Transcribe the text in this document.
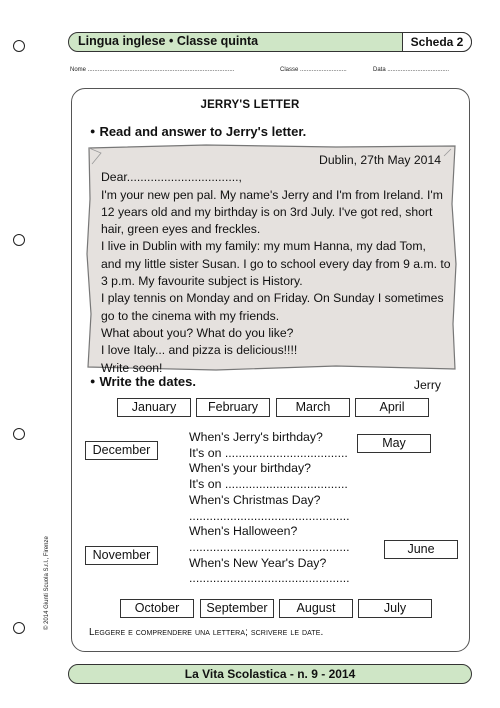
Lingua inglese • Classe quinta	Scheda 2
Nome ........................................................................................	Classe ............................	Data .....................................
JERRY'S LETTER
● Read and answer to Jerry's letter.
Dublin, 27th May 2014
Dear.................................,
I'm your new pen pal. My name's Jerry and I'm from Ireland. I'm
12 years old and my birthday is on 3rd July. I've got red, short
hair, green eyes and freckles.
I live in Dublin with my family: my mum Hanna, my dad Tom,
and my little sister Susan. I go to school every day from 9 a.m. to
3 p.m. My favourite subject is History.
I play tennis on Monday and on Friday. On Sunday I sometimes
go to the cinema with my friends.
What about you? What do you like?
I love Italy... and pizza is delicious!!!!
Write soon!
Jerry
● Write the dates.
January	February	March	April
December	May
November	June
When's Jerry's birthday?
It's on ....................................
When's your birthday?
It's on ....................................
When's Christmas Day?
...............................................
When's Halloween?
...............................................
When's New Year's Day?
...............................................
October	September	August	July
Leggere e comprendere una lettera; scrivere le date.
La Vita Scolastica - n. 9 - 2014
© 2014 Giunti Scuola S.r.l., Firenze
